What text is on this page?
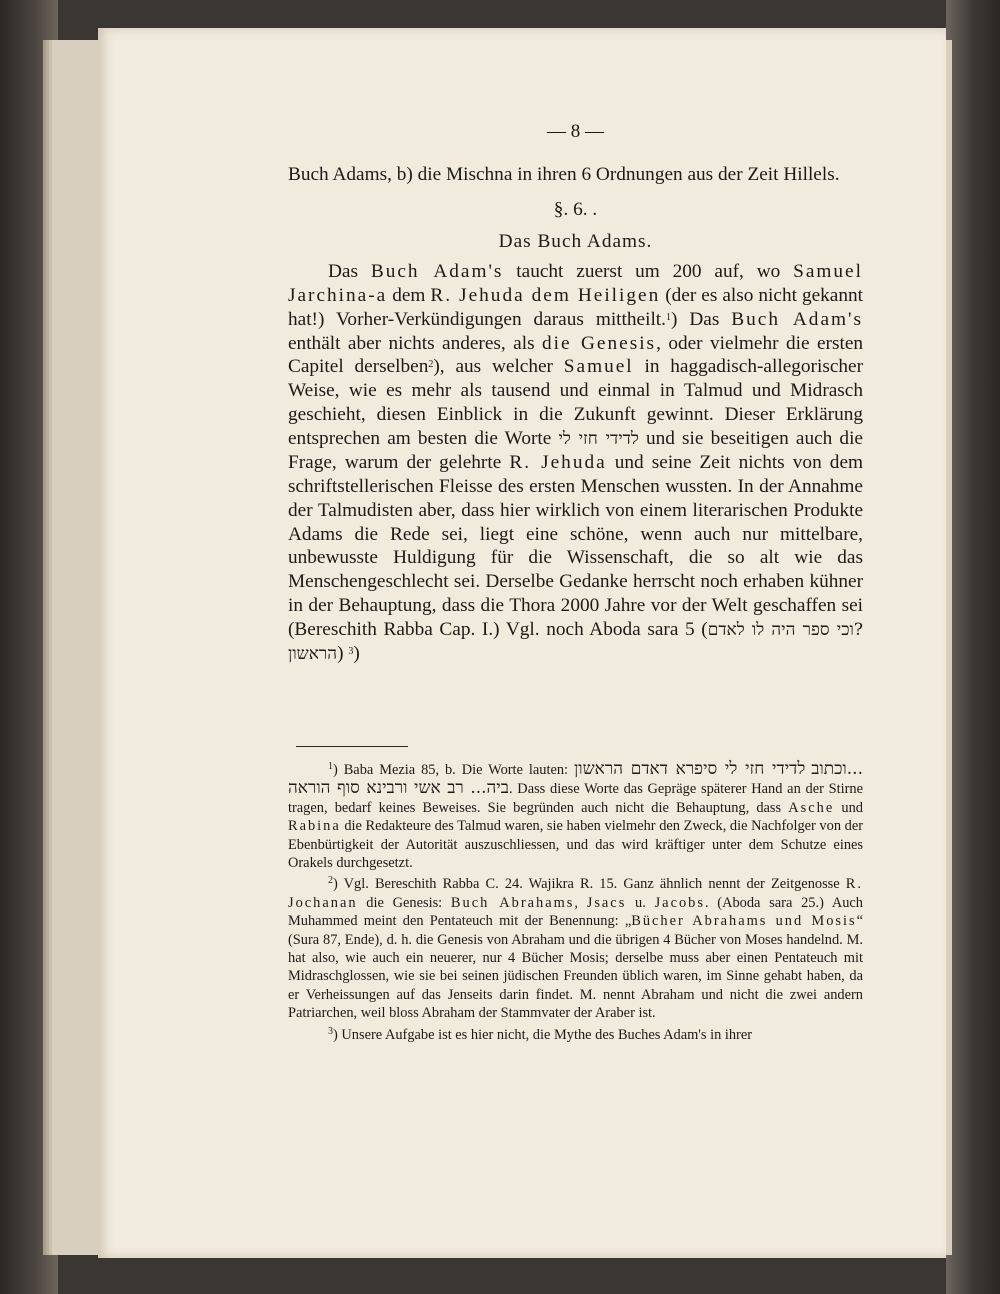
— 8 —

Buch Adams, b) die Mischna in ihren 6 Ordnungen aus der Zeit Hillels.

§. 6. .

Das Buch Adams.

Das Buch Adam's taucht zuerst um 200 auf, wo Samuel Jarchina-a dem R. Jehuda dem Heiligen (der es also nicht gekannt hat!) Vorher-Verkündigungen daraus mittheilt.$^1$) Das Buch Adam's enthält aber nichts anderes, als die Genesis, oder vielmehr die ersten Capitel derselben$^2$), aus welcher Samuel in haggadisch-allegorischer Weise, wie es mehr als tausend und einmal in Talmud und Midrasch geschieht, diesen Einblick in die Zukunft gewinnt. Dieser Erklärung entsprechen am besten die Worte לדידי חזי לי und sie beseitigen auch die Frage, warum der gelehrte R. Jehuda und seine Zeit nichts von dem schriftstellerischen Fleisse des ersten Menschen wussten. In der Annahme der Talmudisten aber, dass hier wirklich von einem literarischen Produkte Adams die Rede sei, liegt eine schöne, wenn auch nur mittelbare, unbewusste Huldigung für die Wissenschaft, die so alt wie das Menschengeschlecht sei. Derselbe Gedanke herrscht noch erhaben kühner in der Behauptung, dass die Thora 2000 Jahre vor der Welt geschaffen sei (Bereschith Rabba Cap. I.) Vgl. noch Aboda sara 5 (?וכי ספר היה לו לאדם הראשון) $^3$)

$^1$) Baba Mezia 85, b. Die Worte lauten: לדידי חזי לי סיפרא דאדם הראשון ...וכתוב ביה... רב אשי ורבינא סוף הוראה. Dass diese Worte das Gepräge späterer Hand an der Stirne tragen, bedarf keines Beweises. Sie begründen auch nicht die Behauptung, dass Asche und Rabina die Redakteure des Talmud waren, sie haben vielmehr den Zweck, die Nachfolger von der Ebenbürtigkeit der Autorität auszuschliessen, und das wird kräftiger unter dem Schutze eines Orakels durchgesetzt.

$^2$) Vgl. Bereschith Rabba C. 24. Wajikra R. 15. Ganz ähnlich nennt der Zeitgenosse R. Jochanan die Genesis: Buch Abrahams, Jsacs u. Jacobs. (Aboda sara 25.) Auch Muhammed meint den Pentateuch mit der Benennung: „Bücher Abrahams und Mosis“ (Sura 87, Ende), d. h. die Genesis von Abraham und die übrigen 4 Bücher von Moses handelnd. M. hat also, wie auch ein neuerer, nur 4 Bücher Mosis; derselbe muss aber einen Pentateuch mit Midraschglossen, wie sie bei seinen jüdischen Freunden üblich waren, im Sinne gehabt haben, da er Verheissungen auf das Jenseits darin findet. M. nennt Abraham und nicht die zwei andern Patriarchen, weil bloss Abraham der Stammvater der Araber ist.

$^3$) Unsere Aufgabe ist es hier nicht, die Mythe des Buches Adam's in ihrer
